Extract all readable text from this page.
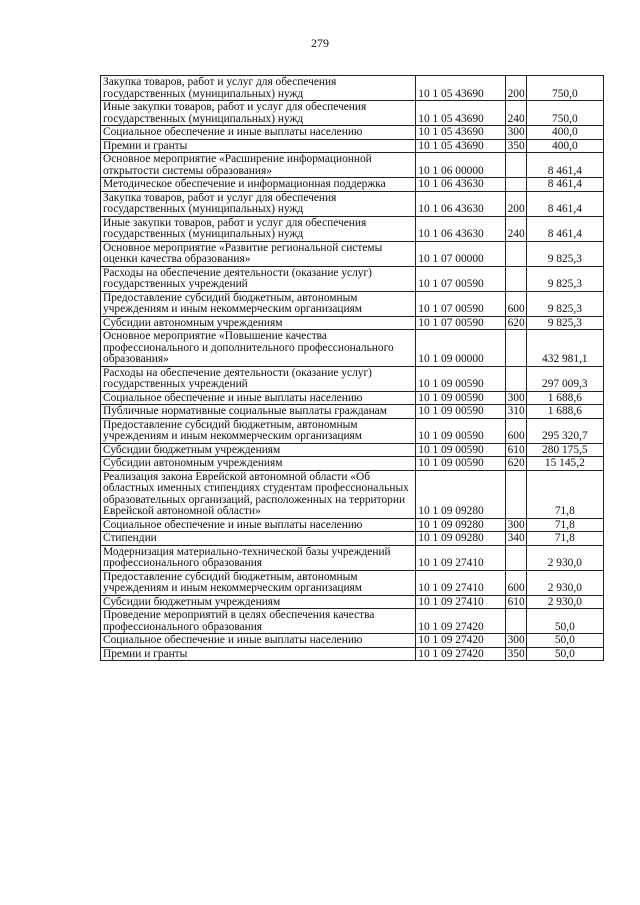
279
Закупка товаров, работ и услуг для обеспечения государственных (муниципальных) нужд	10 1 05 43690	200	750,0
Иные закупки товаров, работ и услуг для обеспечения государственных (муниципальных) нужд	10 1 05 43690	240	750,0
Социальное обеспечение и иные выплаты населению	10 1 05 43690	300	400,0
Премии и гранты	10 1 05 43690	350	400,0
Основное мероприятие «Расширение информационной открытости системы образования»	10 1 06 00000		8 461,4
Методическое обеспечение и информационная поддержка	10 1 06 43630		8 461,4
Закупка товаров, работ и услуг для обеспечения государственных (муниципальных) нужд	10 1 06 43630	200	8 461,4
Иные закупки товаров, работ и услуг для обеспечения государственных (муниципальных) нужд	10 1 06 43630	240	8 461,4
Основное мероприятие «Развитие региональной системы оценки качества образования»	10 1 07 00000		9 825,3
Расходы на обеспечение деятельности (оказание услуг) государственных учреждений	10 1 07 00590		9 825,3
Предоставление субсидий бюджетным, автономным учреждениям и иным некоммерческим организациям	10 1 07 00590	600	9 825,3
Субсидии автономным учреждениям	10 1 07 00590	620	9 825,3
Основное мероприятие «Повышение качества профессионального и дополнительного профессионального образования»	10 1 09 00000		432 981,1
Расходы на обеспечение деятельности (оказание услуг) государственных учреждений	10 1 09 00590		297 009,3
Социальное обеспечение и иные выплаты населению	10 1 09 00590	300	1 688,6
Публичные нормативные социальные выплаты гражданам	10 1 09 00590	310	1 688,6
Предоставление субсидий бюджетным, автономным учреждениям и иным некоммерческим организациям	10 1 09 00590	600	295 320,7
Субсидии бюджетным учреждениям	10 1 09 00590	610	280 175,5
Субсидии автономным учреждениям	10 1 09 00590	620	15 145,2
Реализация закона Еврейской автономной области «Об областных именных стипендиях студентам профессиональных образовательных организаций, расположенных на территории Еврейской автономной области»	10 1 09 09280		71,8
Социальное обеспечение и иные выплаты населению	10 1 09 09280	300	71,8
Стипендии	10 1 09 09280	340	71,8
Модернизация материально-технической базы учреждений профессионального образования	10 1 09 27410		2 930,0
Предоставление субсидий бюджетным, автономным учреждениям и иным некоммерческим организациям	10 1 09 27410	600	2 930,0
Субсидии бюджетным учреждениям	10 1 09 27410	610	2 930,0
Проведение мероприятий в целях обеспечения качества профессионального образования	10 1 09 27420		50,0
Социальное обеспечение и иные выплаты населению	10 1 09 27420	300	50,0
Премии и гранты	10 1 09 27420	350	50,0
